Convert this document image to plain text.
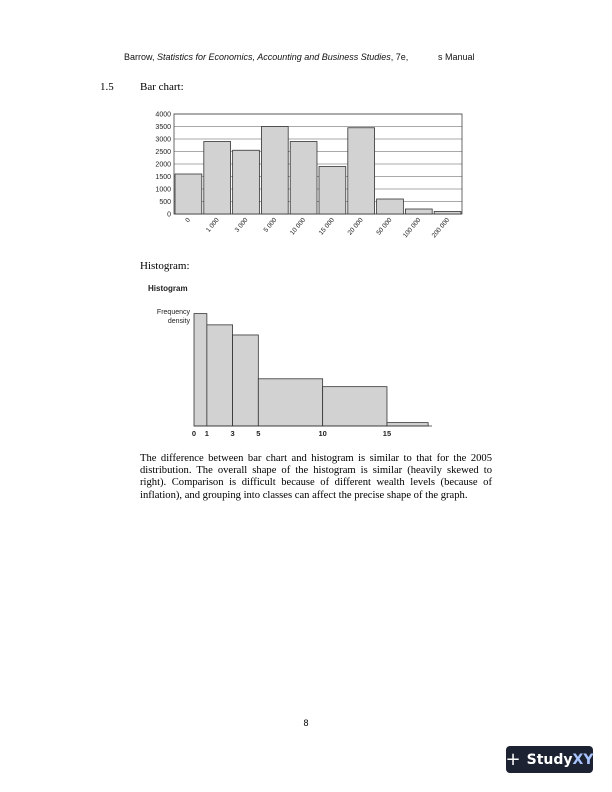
Barrow, Statistics for Economics, Accounting and Business Studies, 7e,	s Manual
1.5 Bar chart:
0
500
1000
1500
2000
2500
3000
3500
4000
0 1 000 3 000 5 000 10 000 15 000 20 000 50 000 100 000 200 000
Histogram:
Histogram
Frequency density
0 1	3	5	10	15

The difference between bar chart and histogram is similar to that for the 2005 distribution. The overall shape of the histogram is similar (heavily skewed to right). Comparison is difficult because of different wealth levels (because of inflation), and grouping into classes can affect the precise shape of the graph.

8
+ StudyXY
